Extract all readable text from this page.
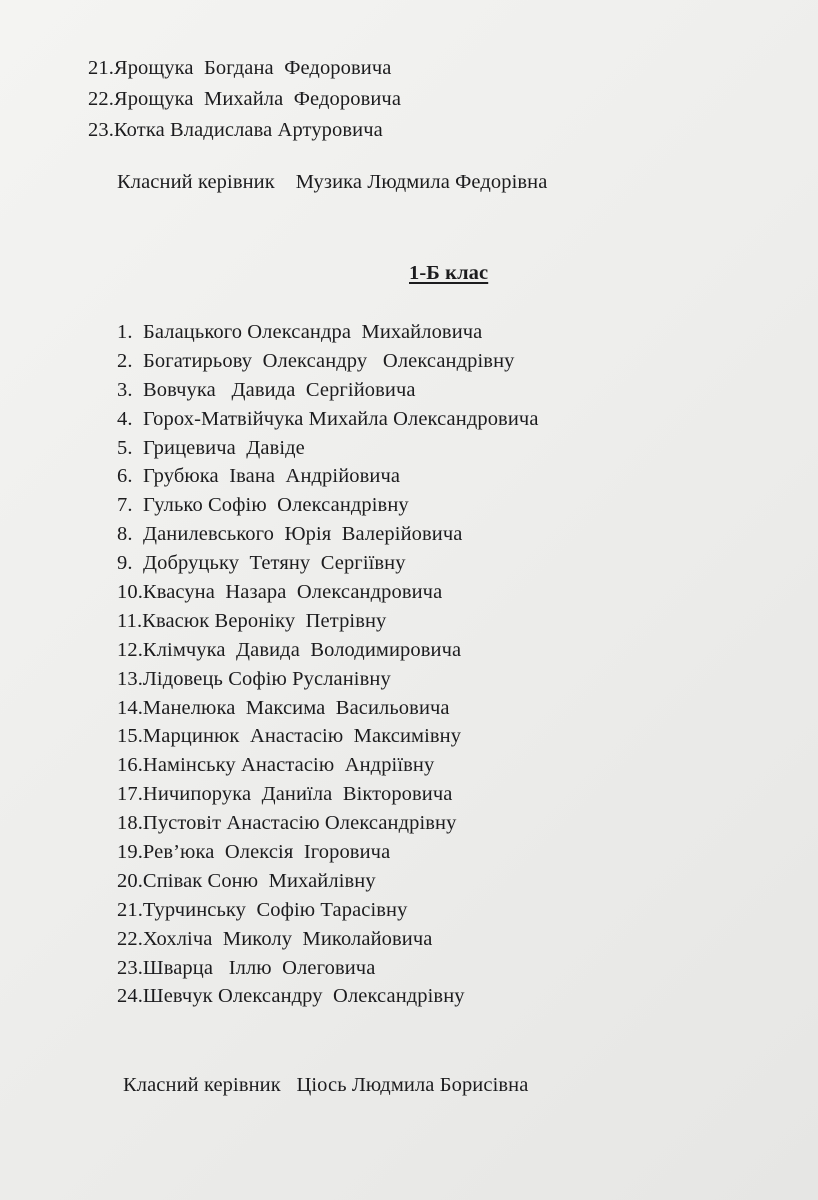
21.Ярощука  Богдана  Федоровича
22.Ярощука  Михайла  Федоровича
23.Котка Владислава Артуровича
Класний керівник    Музика Людмила Федорівна
1-Б клас
1.  Балацького Олександра  Михайловича
2.  Богатирьову  Олександру   Олександрівну
3.  Вовчука   Давида  Сергійовича
4.  Горох-Матвійчука Михайла Олександровича
5.  Грицевича  Давіде
6.  Грубюка  Івана  Андрійовича
7.  Гулько Софію  Олександрівну
8.  Данилевського  Юрія  Валерійовича
9.  Добруцьку  Тетяну  Сергіївну
10.Квасуна  Назара  Олександровича
11.Квасюк Вероніку  Петрівну
12.Клімчука  Давида  Володимировича
13.Лідовець Софію Русланівну
14.Манелюка  Максима  Васильовича
15.Марцинюк  Анастасію  Максимівну
16.Намінську Анастасію  Андріївну
17.Ничипорука  Даниїла  Вікторовича
18.Пустовіт Анастасію Олександрівну
19.Рев’юка  Олексія  Ігоровича
20.Співак Соню  Михайлівну
21.Турчинську  Софію Тарасівну
22.Хохліча  Миколу  Миколайовича
23.Шварца   Іллю  Олеговича
24.Шевчук Олександру  Олександрівну
Класний керівник   Ціось Людмила Борисівна
